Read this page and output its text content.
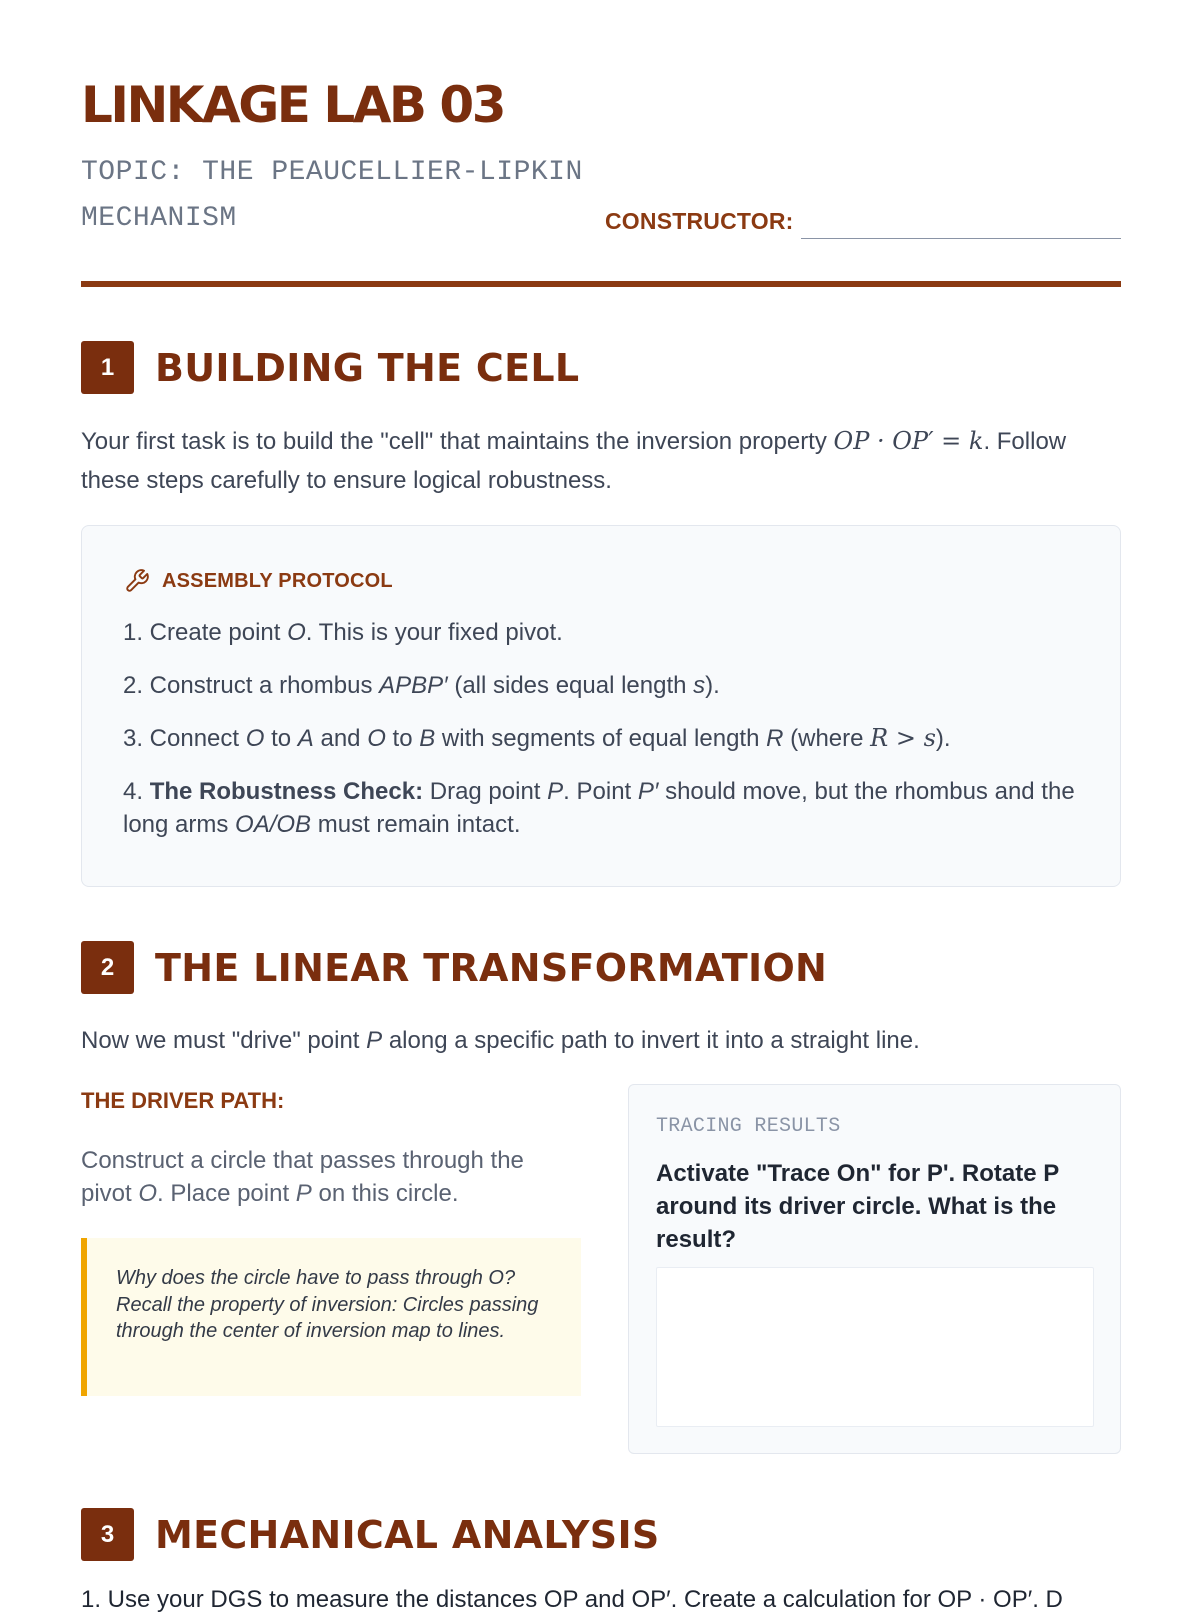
LINKAGE LAB 03
TOPIC: THE PEAUCELLIER-LIPKIN
MECHANISM	CONSTRUCTOR:
1	BUILDING THE CELL
Your first task is to build the "cell" that maintains the inversion property OP · OP′ = k. Follow these steps carefully to ensure logical robustness.
ASSEMBLY PROTOCOL
1. Create point O. This is your fixed pivot.
2. Construct a rhombus APBP′ (all sides equal length s).
3. Connect O to A and O to B with segments of equal length R (where R > s).
4. The Robustness Check: Drag point P. Point P′ should move, but the rhombus and the long arms OA/OB must remain intact.
2	THE LINEAR TRANSFORMATION
Now we must "drive" point P along a specific path to invert it into a straight line.
THE DRIVER PATH:
Construct a circle that passes through the pivot O. Place point P on this circle.
Why does the circle have to pass through O? Recall the property of inversion: Circles passing through the center of inversion map to lines.
TRACING RESULTS
Activate "Trace On" for P'. Rotate P around its driver circle. What is the result?
3	MECHANICAL ANALYSIS
1. Use your DGS to measure the distances OP and OP′. Create a calculation for OP · OP′. D
